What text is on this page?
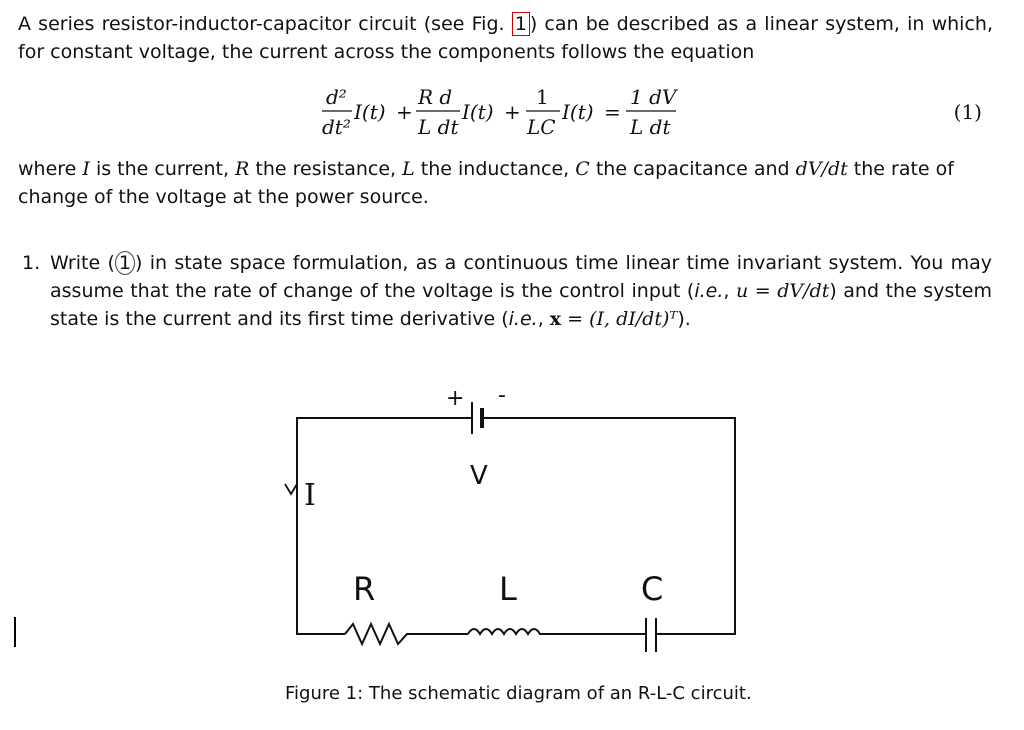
A series resistor-inductor-capacitor circuit (see Fig. 1 ) can be described as a linear system, in which, for constant voltage, the current across the components follows the equation
d²
dt²
I(t) +
R d
L dt
I(t) +
1
LC
I(t) =
1 dV
L dt
(1)
where I is the current, R the resistance, L the inductance, C the capacitance and dV/dt the rate of change of the voltage at the power source.
1. Write ( 1 ) in state space formulation, as a continuous time linear time invariant system. You may assume that the rate of change of the voltage is the control input (i.e., u = dV/dt) and the system state is the current and its first time derivative (i.e., x = (I, dI/dt)ᵀ).
+ -
V
I
R	L	C
Figure 1: The schematic diagram of an R-L-C circuit.
